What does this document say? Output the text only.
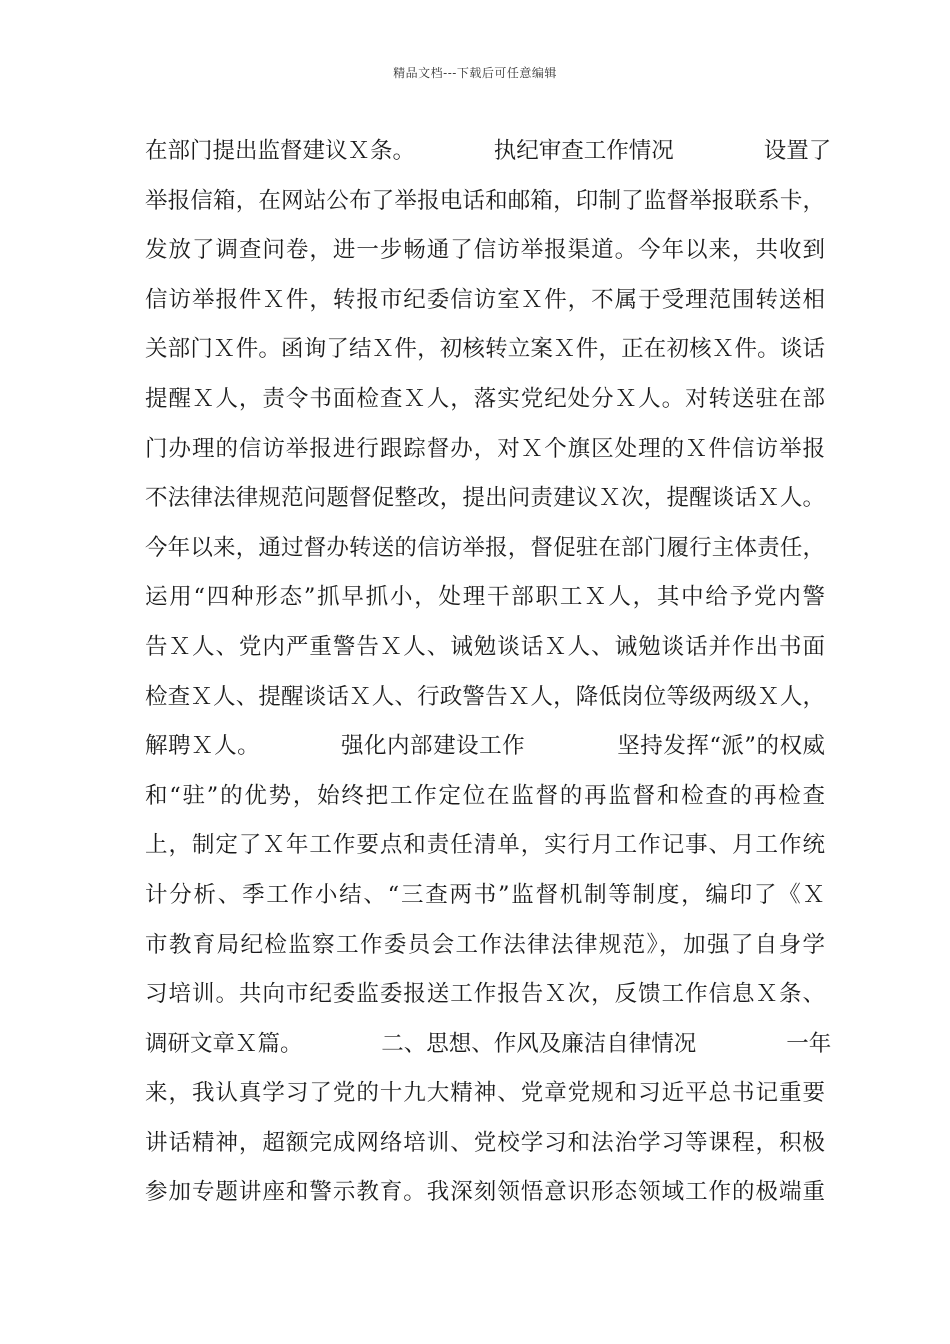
精品文档---下载后可任意编辑
在部门提出监督建议Ｘ条。　　　　执纪审查工作情况　　　　设置了
举报信箱，在网站公布了举报电话和邮箱，印制了监督举报联系卡，
发放了调查问卷，进一步畅通了信访举报渠道。今年以来，共收到
信访举报件Ｘ件，转报市纪委信访室Ｘ件，不属于受理范围转送相
关部门Ｘ件。函询了结Ｘ件，初核转立案Ｘ件，正在初核Ｘ件。谈话
提醒Ｘ人，责令书面检查Ｘ人，落实党纪处分Ｘ人。对转送驻在部
门办理的信访举报进行跟踪督办，对Ｘ个旗区处理的Ｘ件信访举报
不法律法律规范问题督促整改，提出问责建议Ｘ次，提醒谈话Ｘ人。
今年以来，通过督办转送的信访举报，督促驻在部门履行主体责任，
运用“四种形态”抓早抓小，处理干部职工Ｘ人，其中给予党内警
告Ｘ人、党内严重警告Ｘ人、诫勉谈话Ｘ人、诫勉谈话并作出书面
检查Ｘ人、提醒谈话Ｘ人、行政警告Ｘ人，降低岗位等级两级Ｘ人，
解聘Ｘ人。　　　　强化内部建设工作　　　　坚持发挥“派”的权威
和“驻”的优势，始终把工作定位在监督的再监督和检查的再检查
上，制定了Ｘ年工作要点和责任清单，实行月工作记事、月工作统
计分析、季工作小结、“三查两书”监督机制等制度，编印了《Ｘ
市教育局纪检监察工作委员会工作法律法律规范》，加强了自身学
习培训。共向市纪委监委报送工作报告Ｘ次，反馈工作信息Ｘ条、
调研文章Ｘ篇。　　　　二、思想、作风及廉洁自律情况　　　　一年
来，我认真学习了党的十九大精神、党章党规和习近平总书记重要
讲话精神，超额完成网络培训、党校学习和法治学习等课程，积极
参加专题讲座和警示教育。我深刻领悟意识形态领域工作的极端重
